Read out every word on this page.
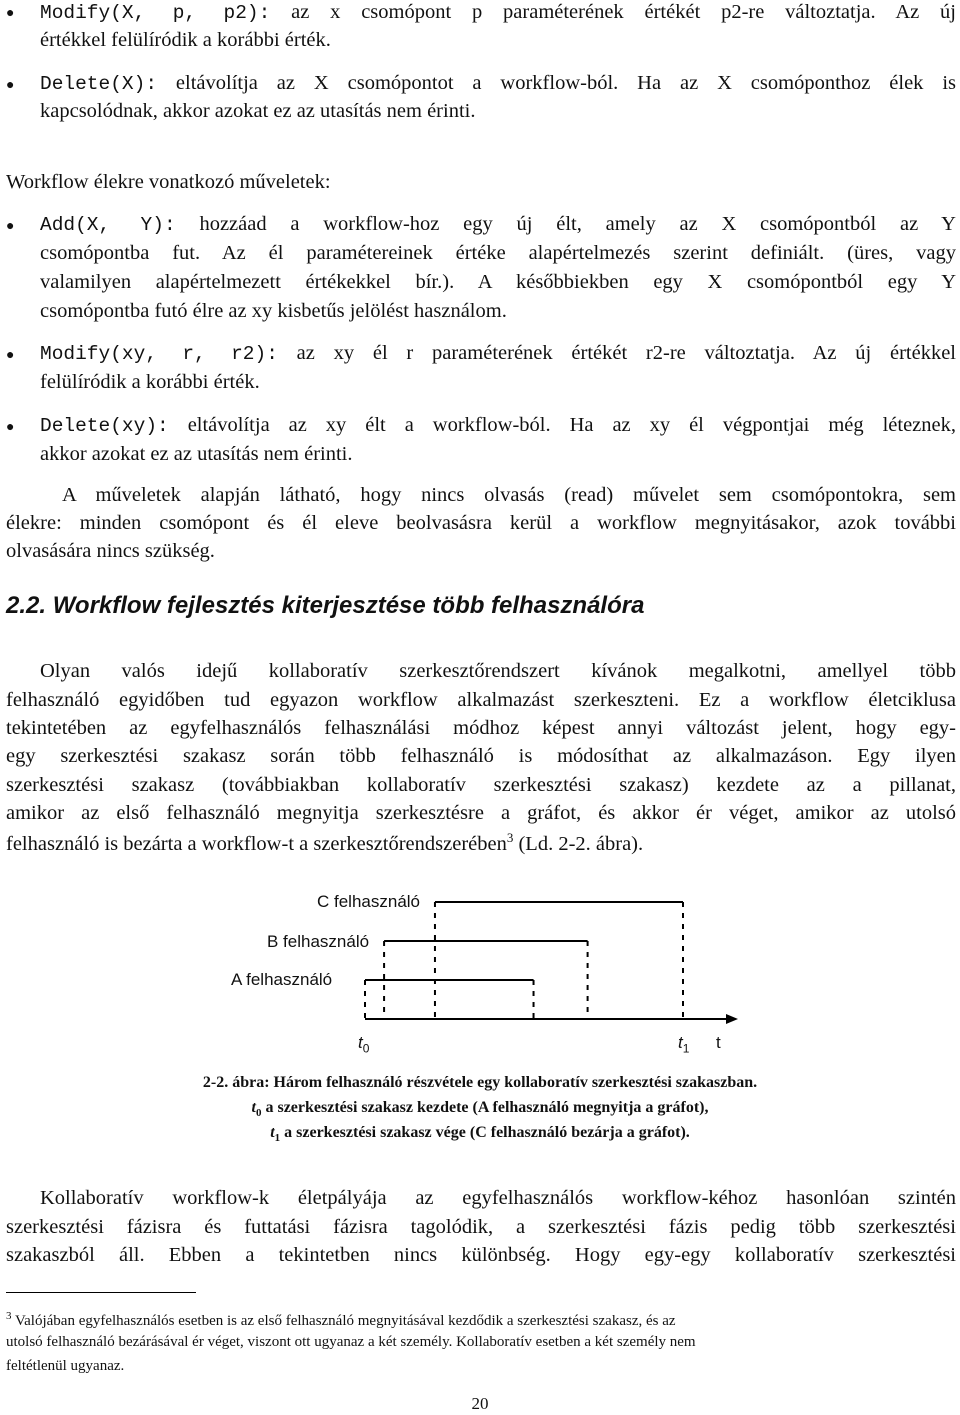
● Modify(X, p, p2): az x csomópont p paraméterének értékét p2-re változtatja. Az új
értékkel felülíródik a korábbi érték.
● Delete(X): eltávolítja az X csomópontot a workflow-ból. Ha az X csomóponthoz élek is
kapcsolódnak, akkor azokat ez az utasítás nem érinti.
Workflow élekre vonatkozó műveletek:
● Add(X, Y): hozzáad a workflow-hoz egy új élt, amely az X csomópontból az Y
csomópontba fut. Az él paramétereinek értéke alapértelmezés szerint definiált. (üres, vagy
valamilyen alapértelmezett értékekkel bír.). A későbbiekben egy X csomópontból egy Y
csomópontba futó élre az xy kisbetűs jelölést használom.
● Modify(xy, r, r2): az xy él r paraméterének értékét r2-re változtatja. Az új értékkel
felülíródik a korábbi érték.
● Delete(xy): eltávolítja az xy élt a workflow-ból. Ha az xy él végpontjai még léteznek,
akkor azokat ez az utasítás nem érinti.
A műveletek alapján látható, hogy nincs olvasás (read) művelet sem csomópontokra, sem
élekre: minden csomópont és él eleve beolvasásra kerül a workflow megnyitásakor, azok további
olvasására nincs szükség.
2.2. Workflow fejlesztés kiterjesztése több felhasználóra
Olyan valós idejű kollaboratív szerkesztőrendszert kívánok megalkotni, amellyel több
felhasználó egyidőben tud egyazon workflow alkalmazást szerkeszteni. Ez a workflow életciklusa
tekintetében az egyfelhasználós felhasználási módhoz képest annyi változást jelent, hogy egy-
egy szerkesztési szakasz során több felhasználó is módosíthat az alkalmazáson. Egy ilyen
szerkesztési szakasz (továbbiakban kollaboratív szerkesztési szakasz) kezdete az a pillanat,
amikor az első felhasználó megnyitja szerkesztésre a gráfot, és akkor ér véget, amikor az utolsó
felhasználó is bezárta a workflow-t a szerkesztőrendszerében$^3$ (Ld. 2-2. ábra).
C felhasználó
B felhasználó
A felhasználó
$t_0$	$t_1$ t
2-2. ábra: Három felhasználó részvétele egy kollaboratív szerkesztési szakaszban.
$t_0$ a szerkesztési szakasz kezdete (A felhasználó megnyitja a gráfot),
$t_1$ a szerkesztési szakasz vége (C felhasználó bezárja a gráfot).
Kollaboratív workflow-k életpályája az egyfelhasználós workflow-kéhoz hasonlóan szintén
szerkesztési fázisra és futtatási fázisra tagolódik, a szerkesztési fázis pedig több szerkesztési
szakaszból áll. Ebben a tekintetben nincs különbség. Hogy egy-egy kollaboratív szerkesztési
$^3$ Valójában egyfelhasználós esetben is az első felhasználó megnyitásával kezdődik a szerkesztési szakasz, és az
utolsó felhasználó bezárásával ér véget, viszont ott ugyanaz a két személy. Kollaboratív esetben a két személy nem
feltétlenül ugyanaz.
20
